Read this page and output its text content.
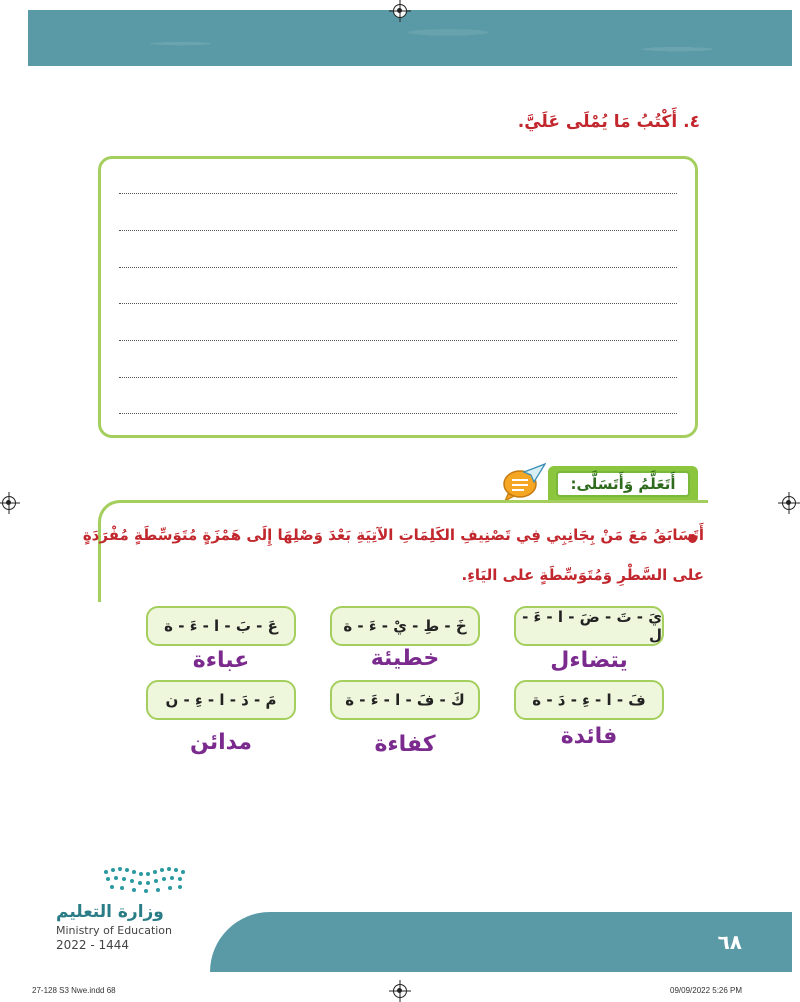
٤. أَكْتُبُ مَا يُمْلَى عَلَيَّ.
أَتَعَلَّمُ وَأَتَسَلَّى:
أَتَسَابَقُ مَعَ مَنْ بِجَانِبِي فِي تَصْنِيفِ الكَلِمَاتِ الآتِيَةِ بَعْدَ وَصْلِهَا إِلَى هَمْزَةٍ مُتَوَسِّطَةٍ مُفْرَدَةٍ
على السَّطْرِ وَمُتَوَسِّطَةٍ على اليَاءِ.
يَ - تَ - ضَ - ا - ءَ - ل
خَ - طِ - يْ - ءَ - ة
عَ - بَ - ا - ءَ - ة
يتضاءل
خطيئة
عباءة
فَ - ا - ءِ - دَ - ة
كَ - فَ - ا - ءَ - ة
مَ - دَ - ا - ءِ - ن
فائدة
كفاءة
مدائن
وزارة التعليم
Ministry of Education
2022 - 1444	٦٨
27-128 S3 Nwe.indd 68	09/09/2022 5:26 PM
